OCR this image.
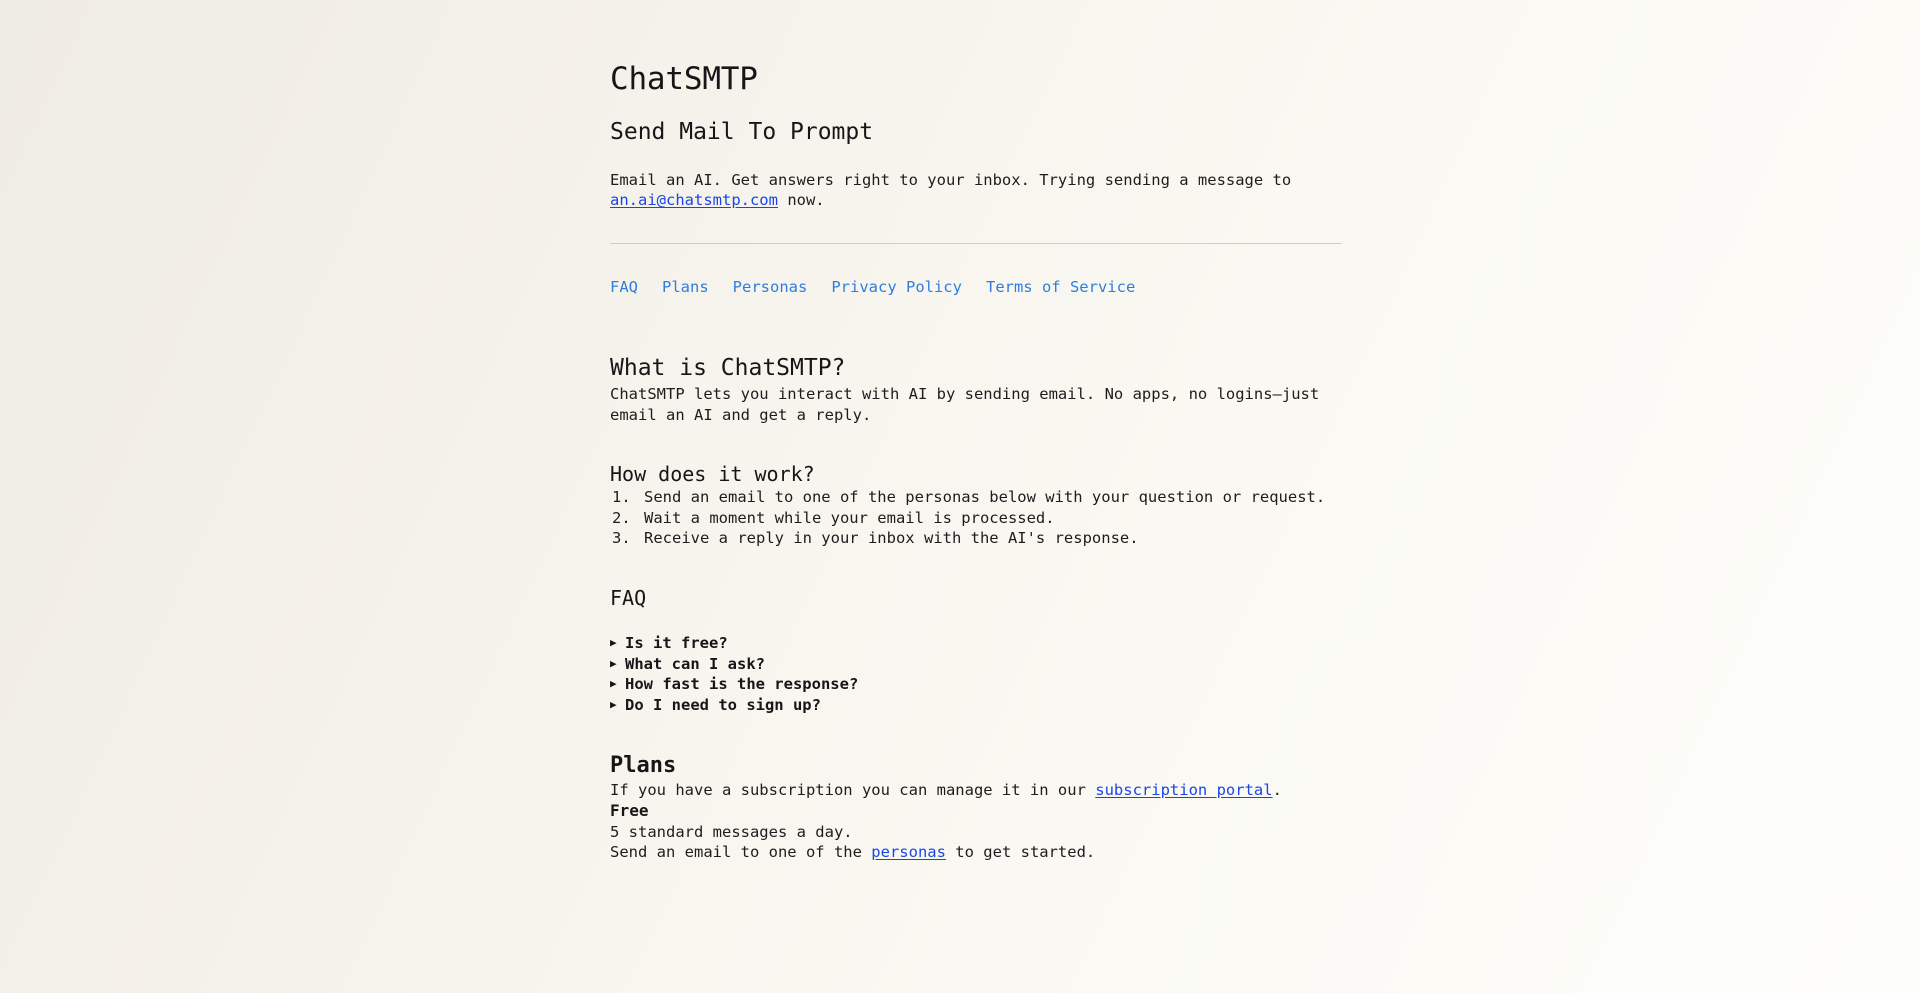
ChatSMTP
Send Mail To Prompt

Email an AI. Get answers right to your inbox. Trying sending a message to an.ai@chatsmtp.com now.

FAQ Plans Personas Privacy Policy Terms of Service
What is ChatSMTP?

ChatSMTP lets you interact with AI by sending email. No apps, no logins—just email an AI and get a reply.

How does it work?
1. Send an email to one of the personas below with your question or request.
2. Wait a moment while your email is processed.
3. Receive a reply in your inbox with the AI's response.
FAQ
▶ Is it free?
▶ What can I ask?
▶ How fast is the response?
▶ Do I need to sign up?
Plans

If you have a subscription you can manage it in our subscription portal.

Free

5 standard messages a day.
Send an email to one of the personas to get started.
